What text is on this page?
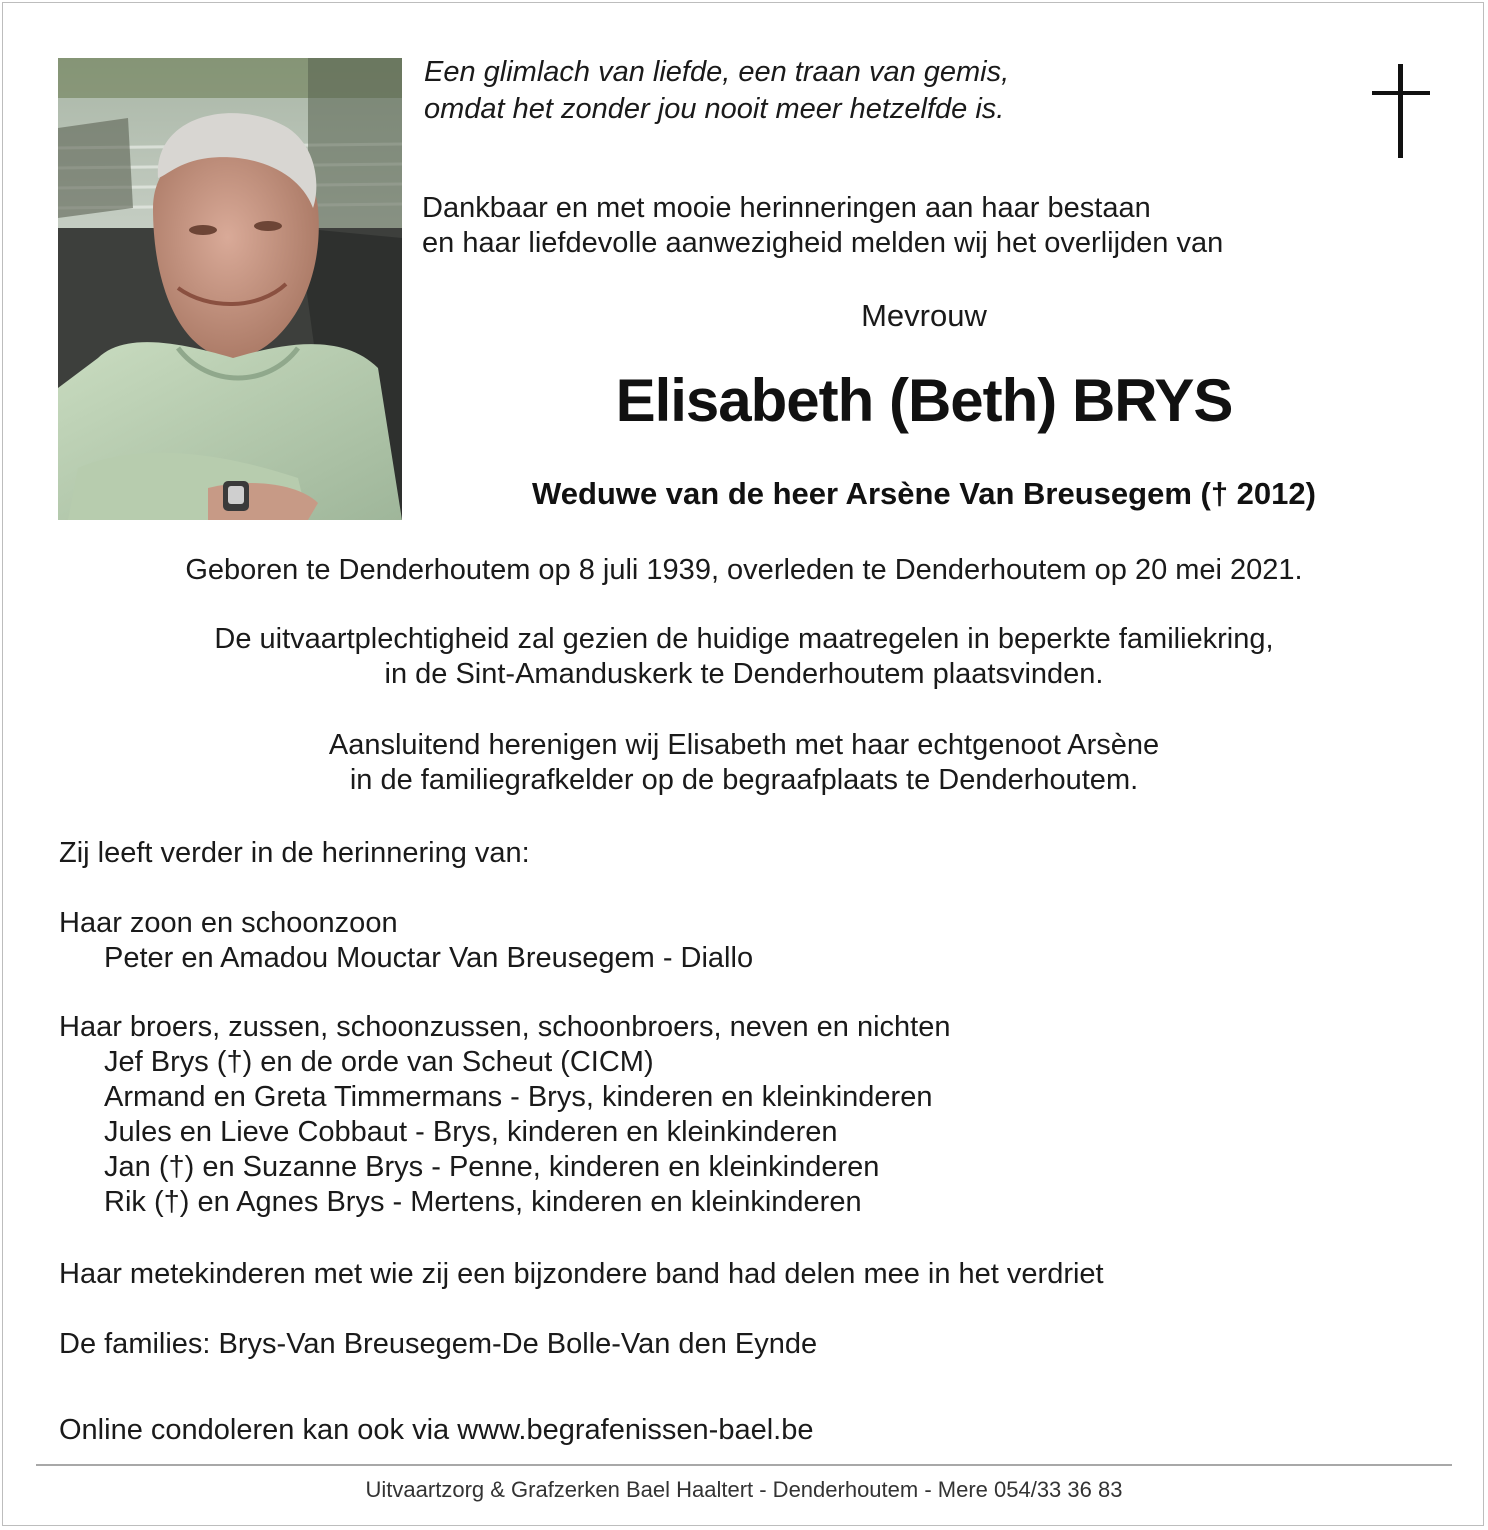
Een glimlach van liefde, een traan van gemis,
omdat het zonder jou nooit meer hetzelfde is.
Dankbaar en met mooie herinneringen aan haar bestaan
en haar liefdevolle aanwezigheid melden wij het overlijden van
Mevrouw
Elisabeth (Beth) BRYS
Weduwe van de heer Arsène Van Breusegem († 2012)
Geboren te Denderhoutem op 8 juli 1939, overleden te Denderhoutem op 20 mei 2021.
De uitvaartplechtigheid zal gezien de huidige maatregelen in beperkte familiekring,
in de Sint-Amanduskerk te Denderhoutem plaatsvinden.
Aansluitend herenigen wij Elisabeth met haar echtgenoot Arsène
in de familiegrafkelder op de begraafplaats te Denderhoutem.
Zij leeft verder in de herinnering van:
Haar zoon en schoonzoon
Peter en Amadou Mouctar Van Breusegem - Diallo
Haar broers, zussen, schoonzussen, schoonbroers, neven en nichten
Jef Brys (†) en de orde van Scheut (CICM)
Armand en Greta Timmermans - Brys, kinderen en kleinkinderen
Jules en Lieve Cobbaut - Brys, kinderen en kleinkinderen
Jan (†) en Suzanne Brys - Penne, kinderen en kleinkinderen
Rik (†) en Agnes Brys - Mertens, kinderen en kleinkinderen
Haar metekinderen met wie zij een bijzondere band had delen mee in het verdriet
De families: Brys-Van Breusegem-De Bolle-Van den Eynde
Online condoleren kan ook via www.begrafenissen-bael.be
Uitvaartzorg & Grafzerken Bael Haaltert - Denderhoutem - Mere 054/33 36 83
